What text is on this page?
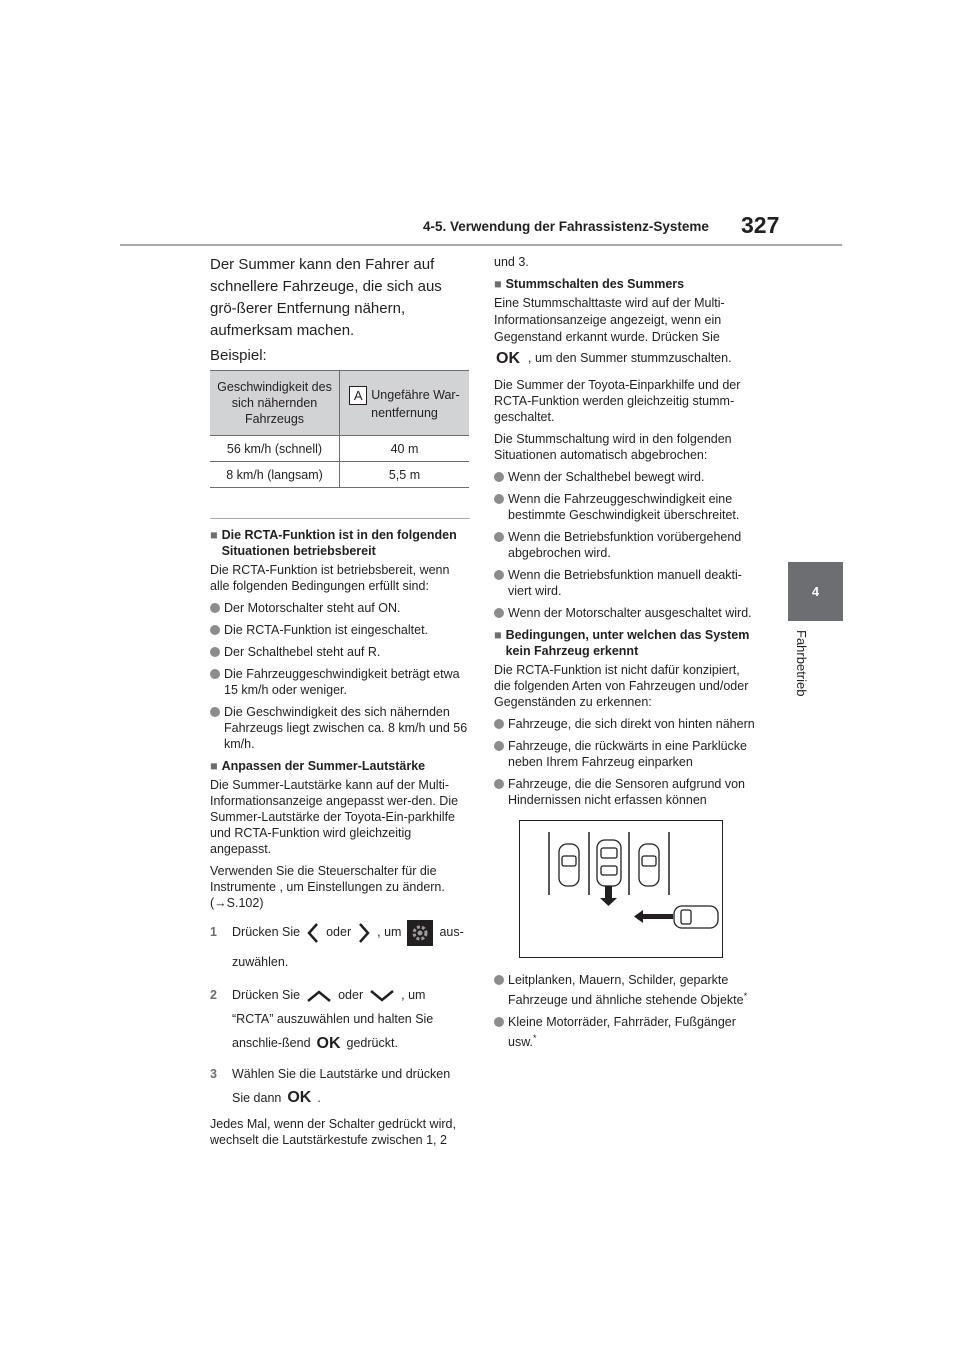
4-5. Verwendung der Fahrassistenz-Systeme 327
4
Fahrbetrieb

Der Summer kann den Fahrer auf schnellere Fahrzeuge, die sich aus grö-ßerer Entfernung nähern, aufmerksam machen.

Beispiel:

Geschwindigkeit des sich nähernden Fahrzeugs	A Ungefähre War-nentfernung
56 km/h (schnell)	40 m
8 km/h (langsam)	5,5 m
■ Die RCTA-Funktion ist in den folgenden Situationen betriebsbereit

Die RCTA-Funktion ist betriebsbereit, wenn alle folgenden Bedingungen erfüllt sind:

Der Motorschalter steht auf ON.
Die RCTA-Funktion ist eingeschaltet.
Der Schalthebel steht auf R.
Die Fahrzeuggeschwindigkeit beträgt etwa 15 km/h oder weniger.
Die Geschwindigkeit des sich nähernden Fahrzeugs liegt zwischen ca. 8 km/h und 56 km/h.
■ Anpassen der Summer-Lautstärke

Die Summer-Lautstärke kann auf der Multi-Informationsanzeige angepasst wer-den. Die Summer-Lautstärke der Toyota-Ein-parkhilfe und RCTA-Funktion wird gleichzeitig angepasst.

Verwenden Sie die Steuerschalter für die Instrumente , um Einstellungen zu ändern. (→S.102)

1	Drücken Sie oder , um	aus-zuwählen.
2	Drücken Sie	oder	, um “RCTA” auszuwählen und halten Sie anschlie-ßend OK gedrückt.
3	Wählen Sie die Lautstärke und drücken Sie dann OK .

Jedes Mal, wenn der Schalter gedrückt wird, wechselt die Lautstärkestufe zwischen 1, 2

und 3.

■ Stummschalten des Summers

Eine Stummschalttaste wird auf der Multi-Informationsanzeige angezeigt, wenn ein Gegenstand erkannt wurde. Drücken Sie
OK , um den Summer stummzuschalten.

Die Summer der Toyota-Einparkhilfe und der RCTA-Funktion werden gleichzeitig stumm-geschaltet.

Die Stummschaltung wird in den folgenden Situationen automatisch abgebrochen:

Wenn der Schalthebel bewegt wird.
Wenn die Fahrzeuggeschwindigkeit eine bestimmte Geschwindigkeit überschreitet.
Wenn die Betriebsfunktion vorübergehend abgebrochen wird.
Wenn die Betriebsfunktion manuell deakti-viert wird.
Wenn der Motorschalter ausgeschaltet wird.
■ Bedingungen, unter welchen das System kein Fahrzeug erkennt

Die RCTA-Funktion ist nicht dafür konzipiert, die folgenden Arten von Fahrzeugen und/oder Gegenständen zu erkennen:

Fahrzeuge, die sich direkt von hinten nähern
Fahrzeuge, die rückwärts in eine Parklücke neben Ihrem Fahrzeug einparken
Fahrzeuge, die die Sensoren aufgrund von Hindernissen nicht erfassen können
Leitplanken, Mauern, Schilder, geparkte Fahrzeuge und ähnliche stehende Objekte*
Kleine Motorräder, Fahrräder, Fußgänger usw.*
